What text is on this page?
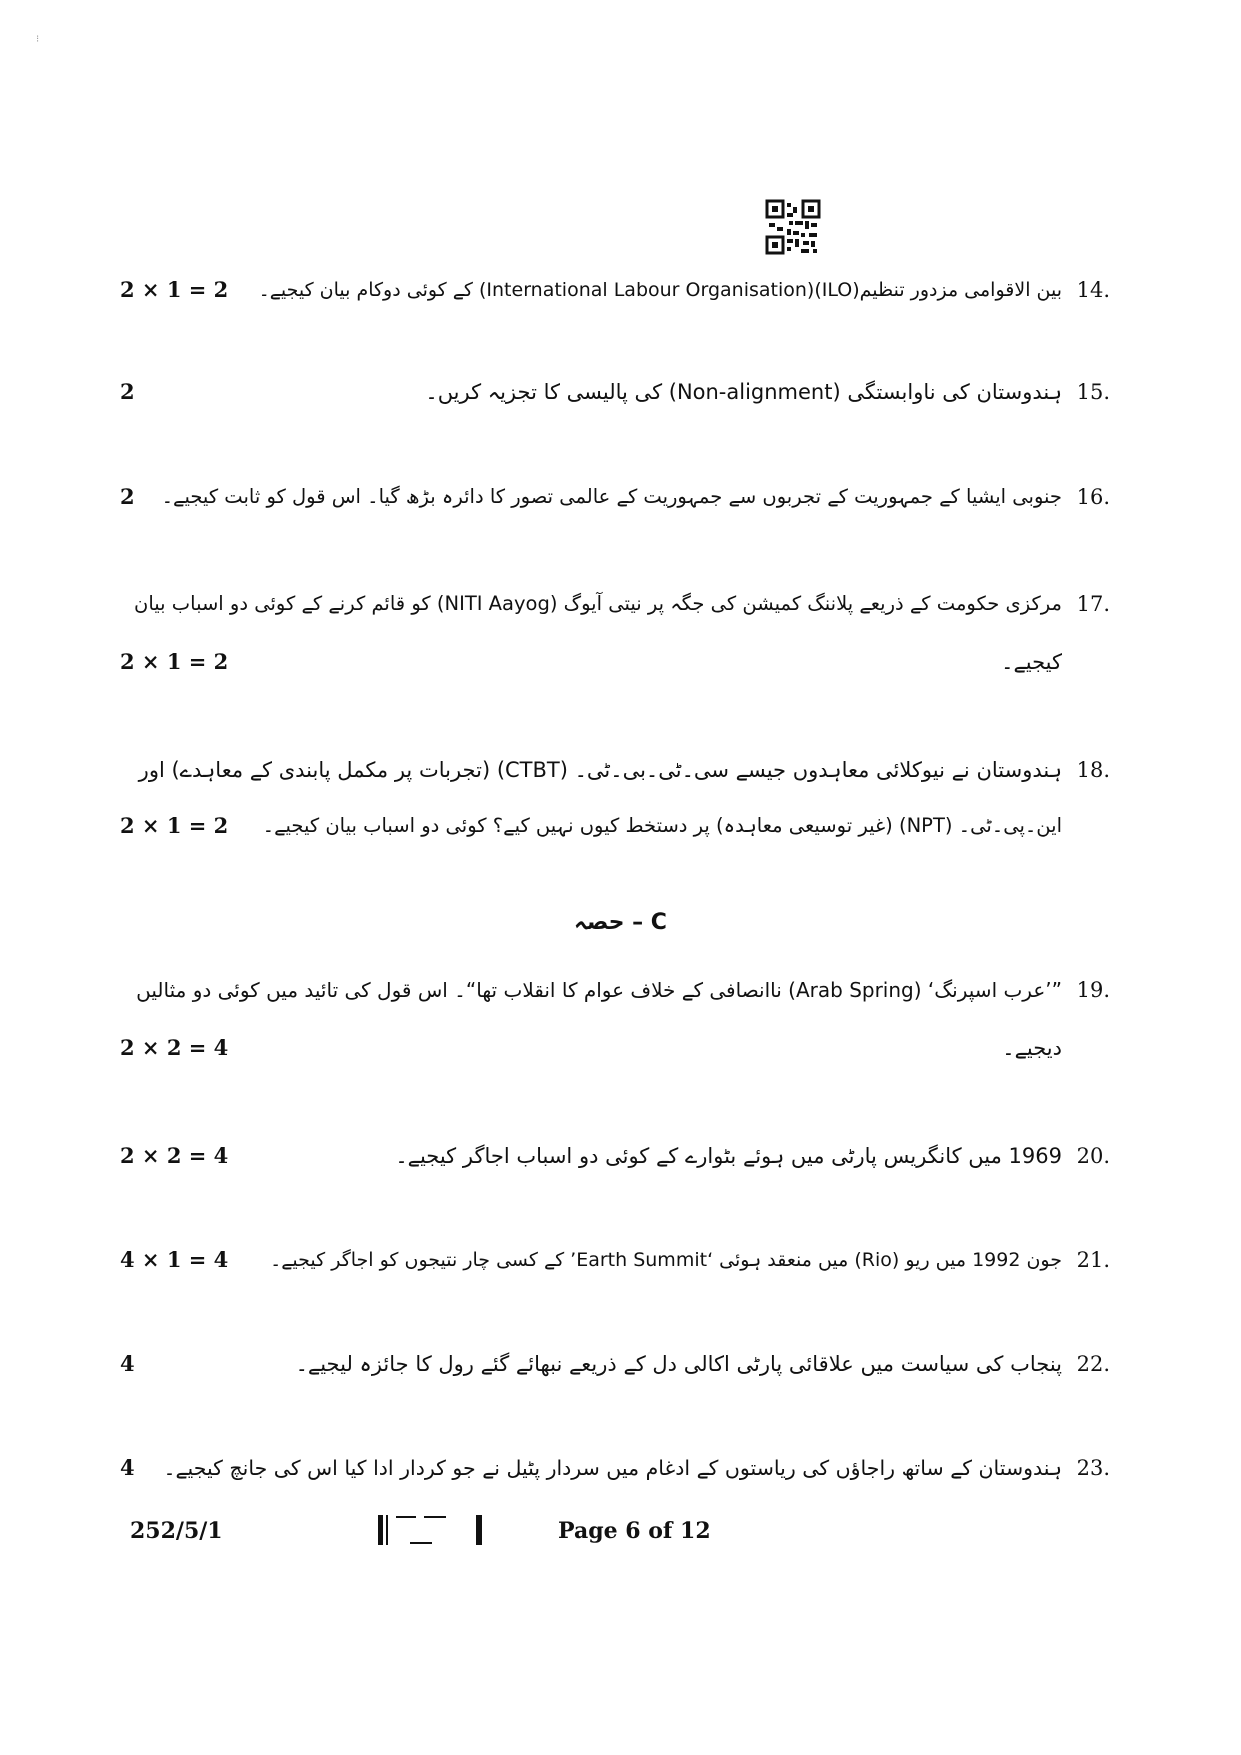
⁝
14.
بین الاقوامی مزدور تنظیم(ILO)(International Labour Organisation) کے کوئی دوکام بیان کیجیے۔
2 × 1 = 2
15.
ہندوستان کی ناوابستگی (Non-alignment) کی پالیسی کا تجزیہ کریں۔
2
16.
جنوبی ایشیا کے جمہوریت کے تجربوں سے جمہوریت کے عالمی تصور کا دائرہ بڑھ گیا۔ اس قول کو ثابت کیجیے۔
2
17.
مرکزی حکومت کے ذریعے پلاننگ کمیشن کی جگہ پر نیتی آیوگ (NITI Aayog) کو قائم کرنے کے کوئی دو اسباب بیان
کیجیے۔
2 × 1 = 2
18.
ہندوستان نے نیوکلائی معاہدوں جیسے سی۔ٹی۔بی۔ٹی۔ (CTBT) (تجربات پر مکمل پابندی کے معاہدے) اور
این۔پی۔ٹی۔ (NPT) (غیر توسیعی معاہدہ) پر دستخط کیوں نہیں کیے؟ کوئی دو اسباب بیان کیجیے۔
2 × 1 = 2
حصہ – C
19.
”’عرب اسپرنگ‘ (Arab Spring) ناانصافی کے خلاف عوام کا انقلاب تھا“۔ اس قول کی تائید میں کوئی دو مثالیں
دیجیے۔
2 × 2 = 4
20.
1969 میں کانگریس پارٹی میں ہوئے بٹوارے کے کوئی دو اسباب اجاگر کیجیے۔
2 × 2 = 4
21.
جون 1992 میں ریو (Rio) میں منعقد ہوئی ‘Earth Summit’ کے کسی چار نتیجوں کو اجاگر کیجیے۔
4 × 1 = 4
22.
پنجاب کی سیاست میں علاقائی پارٹی اکالی دل کے ذریعے نبھائے گئے رول کا جائزہ لیجیے۔
4
23.
ہندوستان کے ساتھ راجاؤں کی ریاستوں کے ادغام میں سردار پٹیل نے جو کردار ادا کیا اس کی جانچ کیجیے۔
4
252/5/1	Page 6 of 12
